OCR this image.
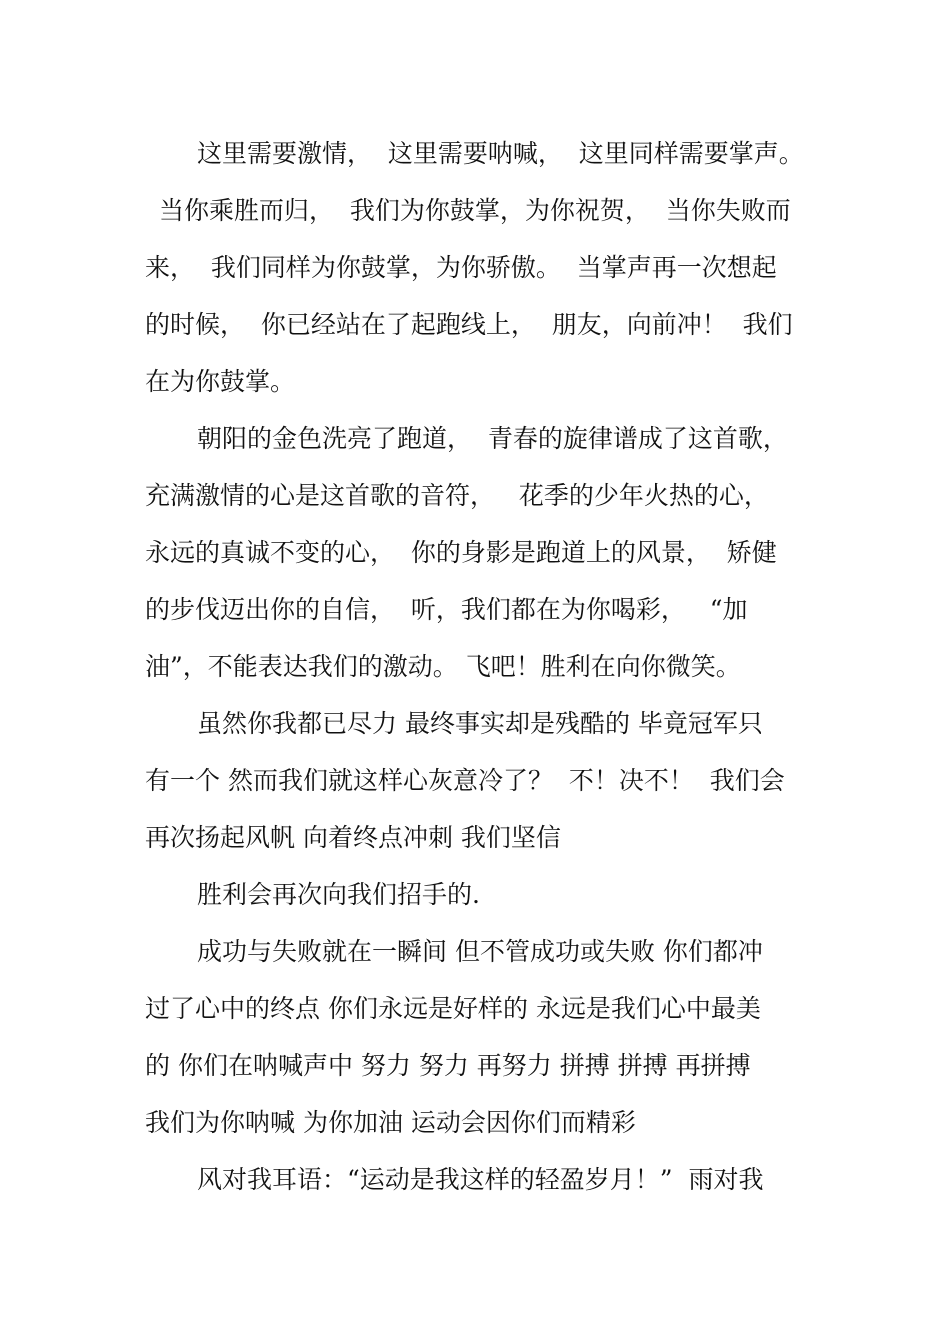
这里需要激情，  这里需要呐喊，  这里同样需要掌声。

当你乘胜而归，  我们为你鼓掌，为你祝贺，  当你失败而

来，  我们同样为你鼓掌，为你骄傲。  当掌声再一次想起

的时候，  你已经站在了起跑线上，  朋友，向前冲！  我们

在为你鼓掌。

朝阳的金色洗亮了跑道，  青春的旋律谱成了这首歌，

充满激情的心是这首歌的音符，   花季的少年火热的心，

永远的真诚不变的心，  你的身影是跑道上的风景，  矫健

的步伐迈出你的自信，  听，我们都在为你喝彩，   “加

油”，不能表达我们的激动。 飞吧！胜利在向你微笑。

虽然你我都已尽力 最终事实却是残酷的 毕竟冠军只

有一个 然而我们就这样心灰意冷了？  不！决不！  我们会

再次扬起风帆 向着终点冲刺 我们坚信

胜利会再次向我们招手的.

成功与失败就在一瞬间 但不管成功或失败 你们都冲

过了心中的终点 你们永远是好样的 永远是我们心中最美

的 你们在呐喊声中 努力 努力 再努力 拼搏 拼搏 再拼搏

我们为你呐喊 为你加油 运动会因你们而精彩

风对我耳语：“运动是我这样的轻盈岁月！”  雨对我
